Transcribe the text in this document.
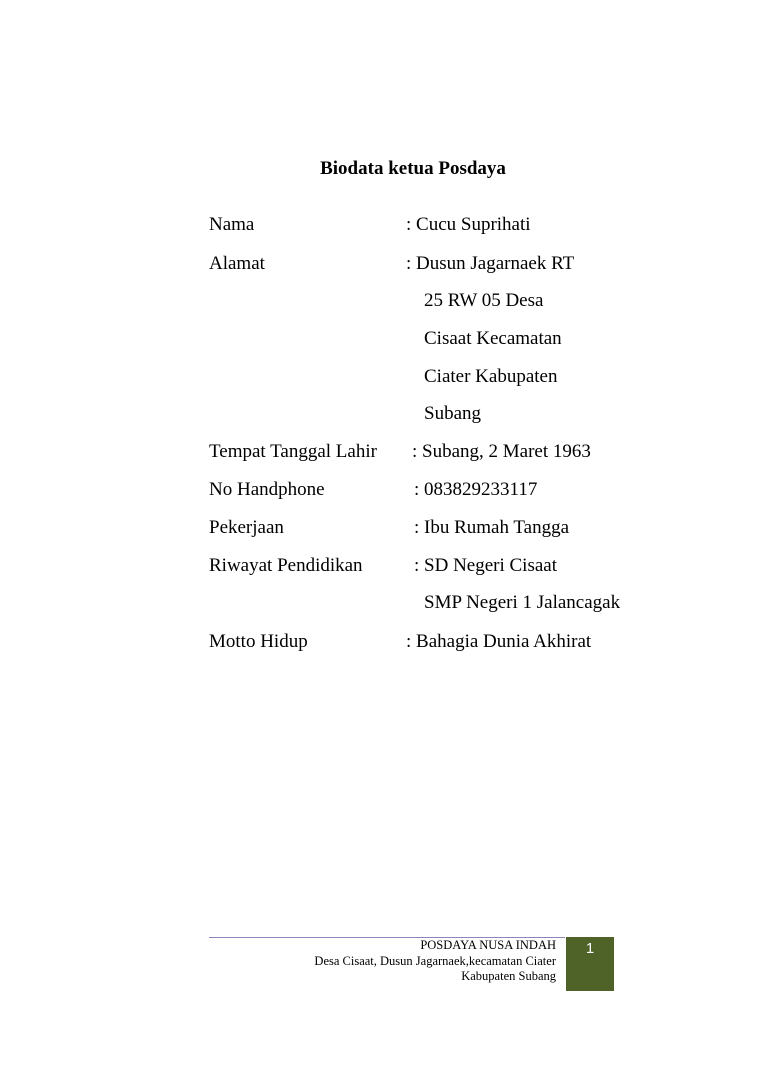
Biodata ketua Posdaya
Nama	: Cucu Suprihati
Alamat	: Dusun Jagarnaek RT
25 RW 05 Desa
Cisaat Kecamatan
Ciater Kabupaten
Subang
Tempat Tanggal Lahir : Subang, 2 Maret 1963
No Handphone	: 083829233117
Pekerjaan	: Ibu Rumah Tangga
Riwayat Pendidikan	: SD Negeri Cisaat
SMP Negeri 1 Jalancagak
Motto Hidup	: Bahagia Dunia Akhirat
POSDAYA NUSA INDAH
Desa Cisaat, Dusun Jagarnaek,kecamatan Ciater
Kabupaten Subang
1
